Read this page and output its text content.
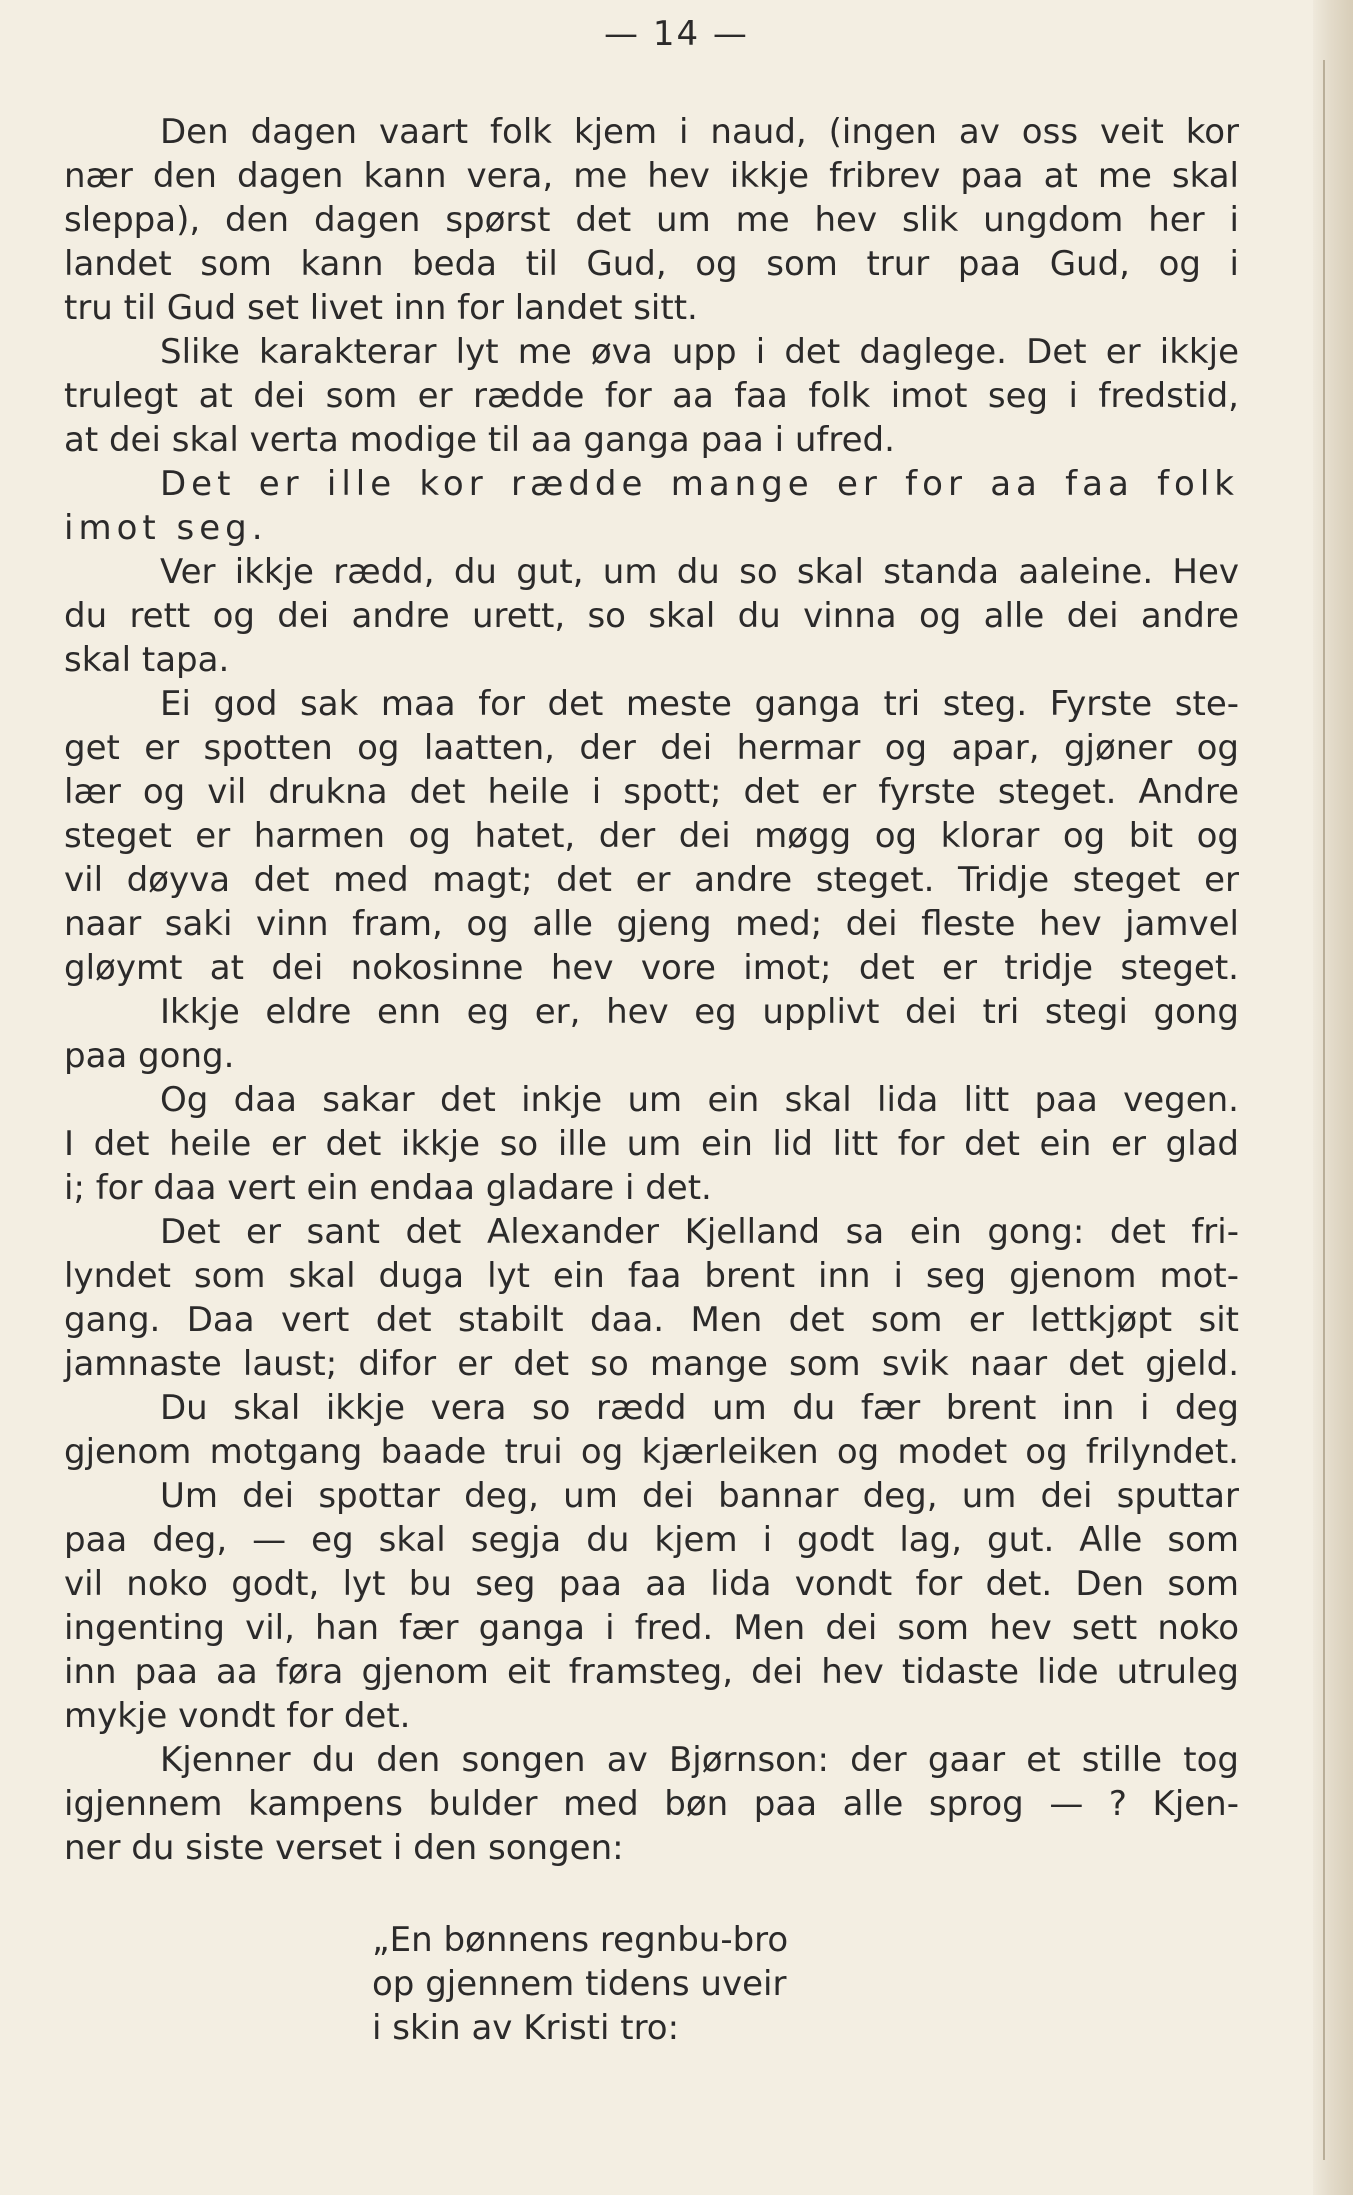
— 14 —
Den dagen vaart folk kjem i naud, (ingen av oss veit kor
nær den dagen kann vera, me hev ikkje fribrev paa at me skal
sleppa), den dagen spørst det um me hev slik ungdom her i
landet som kann beda til Gud, og som trur paa Gud, og i
tru til Gud set livet inn for landet sitt.
Slike karakterar lyt me øva upp i det daglege. Det er ikkje
trulegt at dei som er rædde for aa faa folk imot seg i fredstid,
at dei skal verta modige til aa ganga paa i ufred.
Det er ille kor rædde mange er for aa faa folk
imot seg.
Ver ikkje rædd, du gut, um du so skal standa aaleine. Hev
du rett og dei andre urett, so skal du vinna og alle dei andre
skal tapa.
Ei god sak maa for det meste ganga tri steg. Fyrste ste-
get er spotten og laatten, der dei hermar og apar, gjøner og
lær og vil drukna det heile i spott; det er fyrste steget. Andre
steget er harmen og hatet, der dei møgg og klorar og bit og
vil døyva det med magt; det er andre steget. Tridje steget er
naar saki vinn fram, og alle gjeng med; dei fleste hev jamvel
gløymt at dei nokosinne hev vore imot; det er tridje steget.
Ikkje eldre enn eg er, hev eg upplivt dei tri stegi gong
paa gong.
Og daa sakar det inkje um ein skal lida litt paa vegen.
I det heile er det ikkje so ille um ein lid litt for det ein er glad
i; for daa vert ein endaa gladare i det.
Det er sant det Alexander Kjelland sa ein gong: det fri-
lyndet som skal duga lyt ein faa brent inn i seg gjenom mot-
gang. Daa vert det stabilt daa. Men det som er lettkjøpt sit
jamnaste laust; difor er det so mange som svik naar det gjeld.
Du skal ikkje vera so rædd um du fær brent inn i deg
gjenom motgang baade trui og kjærleiken og modet og frilyndet.
Um dei spottar deg, um dei bannar deg, um dei sputtar
paa deg, — eg skal segja du kjem i godt lag, gut. Alle som
vil noko godt, lyt bu seg paa aa lida vondt for det. Den som
ingenting vil, han fær ganga i fred. Men dei som hev sett noko
inn paa aa føra gjenom eit framsteg, dei hev tidaste lide utruleg
mykje vondt for det.
Kjenner du den songen av Bjørnson: der gaar et stille tog
igjennem kampens bulder med bøn paa alle sprog — ? Kjen-
ner du siste verset i den songen:
„En bønnens regnbu-bro
op gjennem tidens uveir
i skin av Kristi tro:
